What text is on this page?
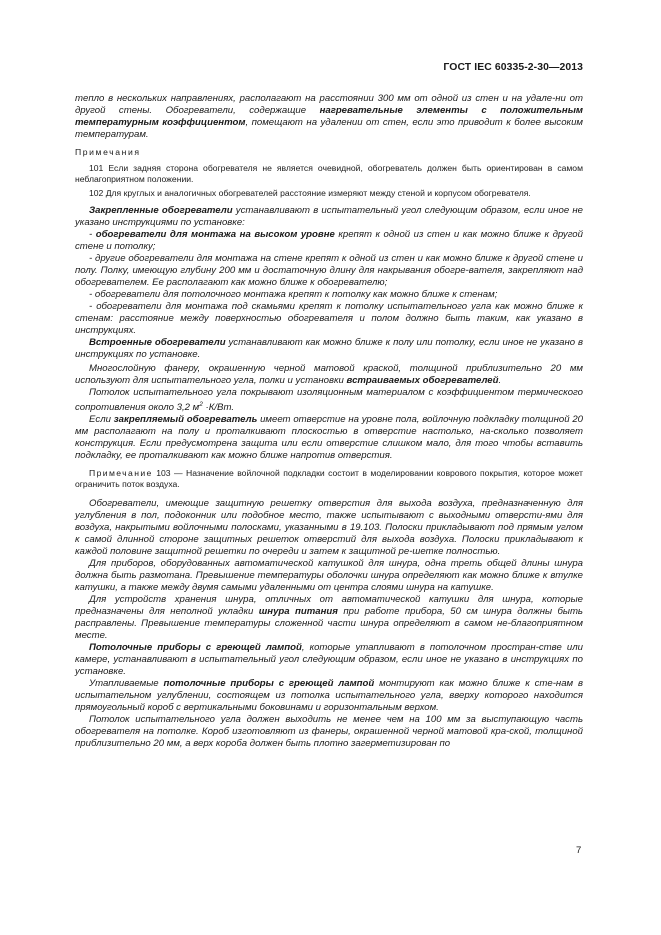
ГОСТ IEC 60335-2-30—2013

тепло в нескольких направлениях, располагают на расстоянии 300 мм от одной из стен и на удале-ни от другой стены. Обогреватели, содержащие нагревательные элементы с положительным температурным коэффициентом, помещают на удалении от стен, если это приводит к более высоким температурам.

Примечания

101 Если задняя сторона обогревателя не является очевидной, обогреватель должен быть ориентирован в самом неблагоприятном положении.

102 Для круглых и аналогичных обогревателей расстояние измеряют между стеной и корпусом обогревателя.

Закрепленные обогреватели устанавливают в испытательный угол следующим образом, если иное не указано инструкциями по установке:

- обогреватели для монтажа на высоком уровне крепят к одной из стен и как можно ближе к другой стене и потолку;

- другие обогреватели для монтажа на стене крепят к одной из стен и как можно ближе к другой стене и полу. Полку, имеющую глубину 200 мм и достаточную длину для накрывания обогре-вателя, закрепляют над обогревателем. Ее располагают как можно ближе к обогревателю;

- обогреватели для потолочного монтажа крепят к потолку как можно ближе к стенам;

- обогреватели для монтажа под скамьями крепят к потолку испытательного угла как можно ближе к стенам: расстояние между поверхностью обогревателя и полом должно быть таким, как указано в инструкциях.

Встроенные обогреватели устанавливают как можно ближе к полу или потолку, если иное не указано в инструкциях по установке.

Многослойную фанеру, окрашенную черной матовой краской, толщиной приблизительно 20 мм используют для испытательного угла, полки и установки встраиваемых обогревателей.

Потолок испытательного угла покрывают изоляционным материалом с коэффициентом термического сопротивления около 3,2 $м^2 \cdot К/Вт$.

Если закрепляемый обогреватель имеет отверстие на уровне пола, войлочную подкладку толщиной 20 мм располагают на полу и проталкивают плоскостью в отверстие настолько, на-сколько позволяет конструкция. Если предусмотрена защита или если отверстие слишком мало, для того чтобы вставить подкладку, ее проталкивают как можно ближе напротив отверстия.

Примечание 103 — Назначение войлочной подкладки состоит в моделировании коврового покрытия, которое может ограничить поток воздуха.

Обогреватели, имеющие защитную решетку отверстия для выхода воздуха, предназначенную для углубления в пол, подоконник или подобное место, также испытывают с выходными отверсти-ями для воздуха, накрытыми войлочными полосками, указанными в 19.103. Полоски прикладывают под прямым углом к самой длинной стороне защитных решеток отверстий для выхода воздуха. Полоски прикладывают к каждой половине защитной решетки по очереди и затем к защитной ре-шетке полностью.

Для приборов, оборудованных автоматической катушкой для шнура, одна треть общей длины шнура должна быть размотана. Превышение температуры оболочки шнура определяют как можно ближе к втулке катушки, а также между двумя самыми удаленными от центра слоями шнура на катушке.

Для устройств хранения шнура, отличных от автоматической катушки для шнура, которые предназначены для неполной укладки шнура питания при работе прибора, 50 см шнура должны быть расправлены. Превышение температуры сложенной части шнура определяют в самом не-благоприятном месте.

Потолочные приборы с греющей лампой, которые утапливают в потолочном простран-стве или камере, устанавливают в испытательный угол следующим образом, если иное не указано в инструкциях по установке.

Утапливаемые потолочные приборы с греющей лампой монтируют как можно ближе к сте-нам в испытательном углублении, состоящем из потолка испытательного угла, вверху которого находится прямоугольный короб с вертикальными боковинами и горизонтальным верхом.

Потолок испытательного угла должен выходить не менее чем на 100 мм за выступающую часть обогревателя на потолке. Короб изготовляют из фанеры, окрашенной черной матовой кра-ской, толщиной приблизительно 20 мм, а верх короба должен быть плотно загерметизирован по

7
